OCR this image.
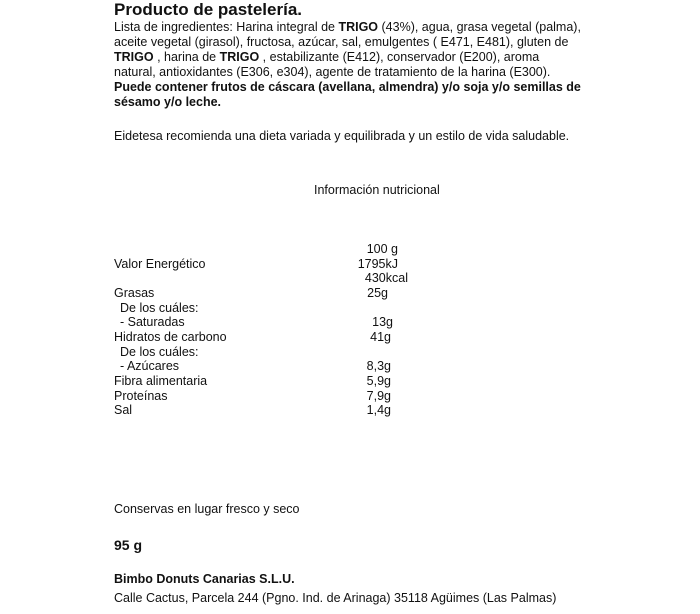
Producto de pastelería.
Lista de ingredientes: Harina integral de TRIGO (43%), agua, grasa vegetal (palma), aceite vegetal (girasol), fructosa, azúcar, sal, emulgentes ( E471, E481), gluten de TRIGO , harina de TRIGO , estabilizante (E412), conservador (E200), aroma natural, antioxidantes (E306, e304), agente de tratamiento de la harina (E300). Puede contener frutos de cáscara (avellana, almendra) y/o soja y/o semillas de sésamo y/o leche.
Eidetesa recomienda una dieta variada y equilibrada y un estilo de vida saludable.
Información nutricional
100 g
Valor Energético	1795kJ
430kcal
Grasas	25g
De los cuáles:
- Saturadas	13g
Hidratos de carbono	41g
De los cuáles:
- Azúcares	8,3g
Fibra alimentaria	5,9g
Proteínas	7,9g
Sal	1,4g
Conservas en lugar fresco y seco
95 g
Bimbo Donuts Canarias S.L.U.
Calle Cactus, Parcela 244 (Pgno. Ind. de Arinaga) 35118 Agüimes (Las Palmas)
